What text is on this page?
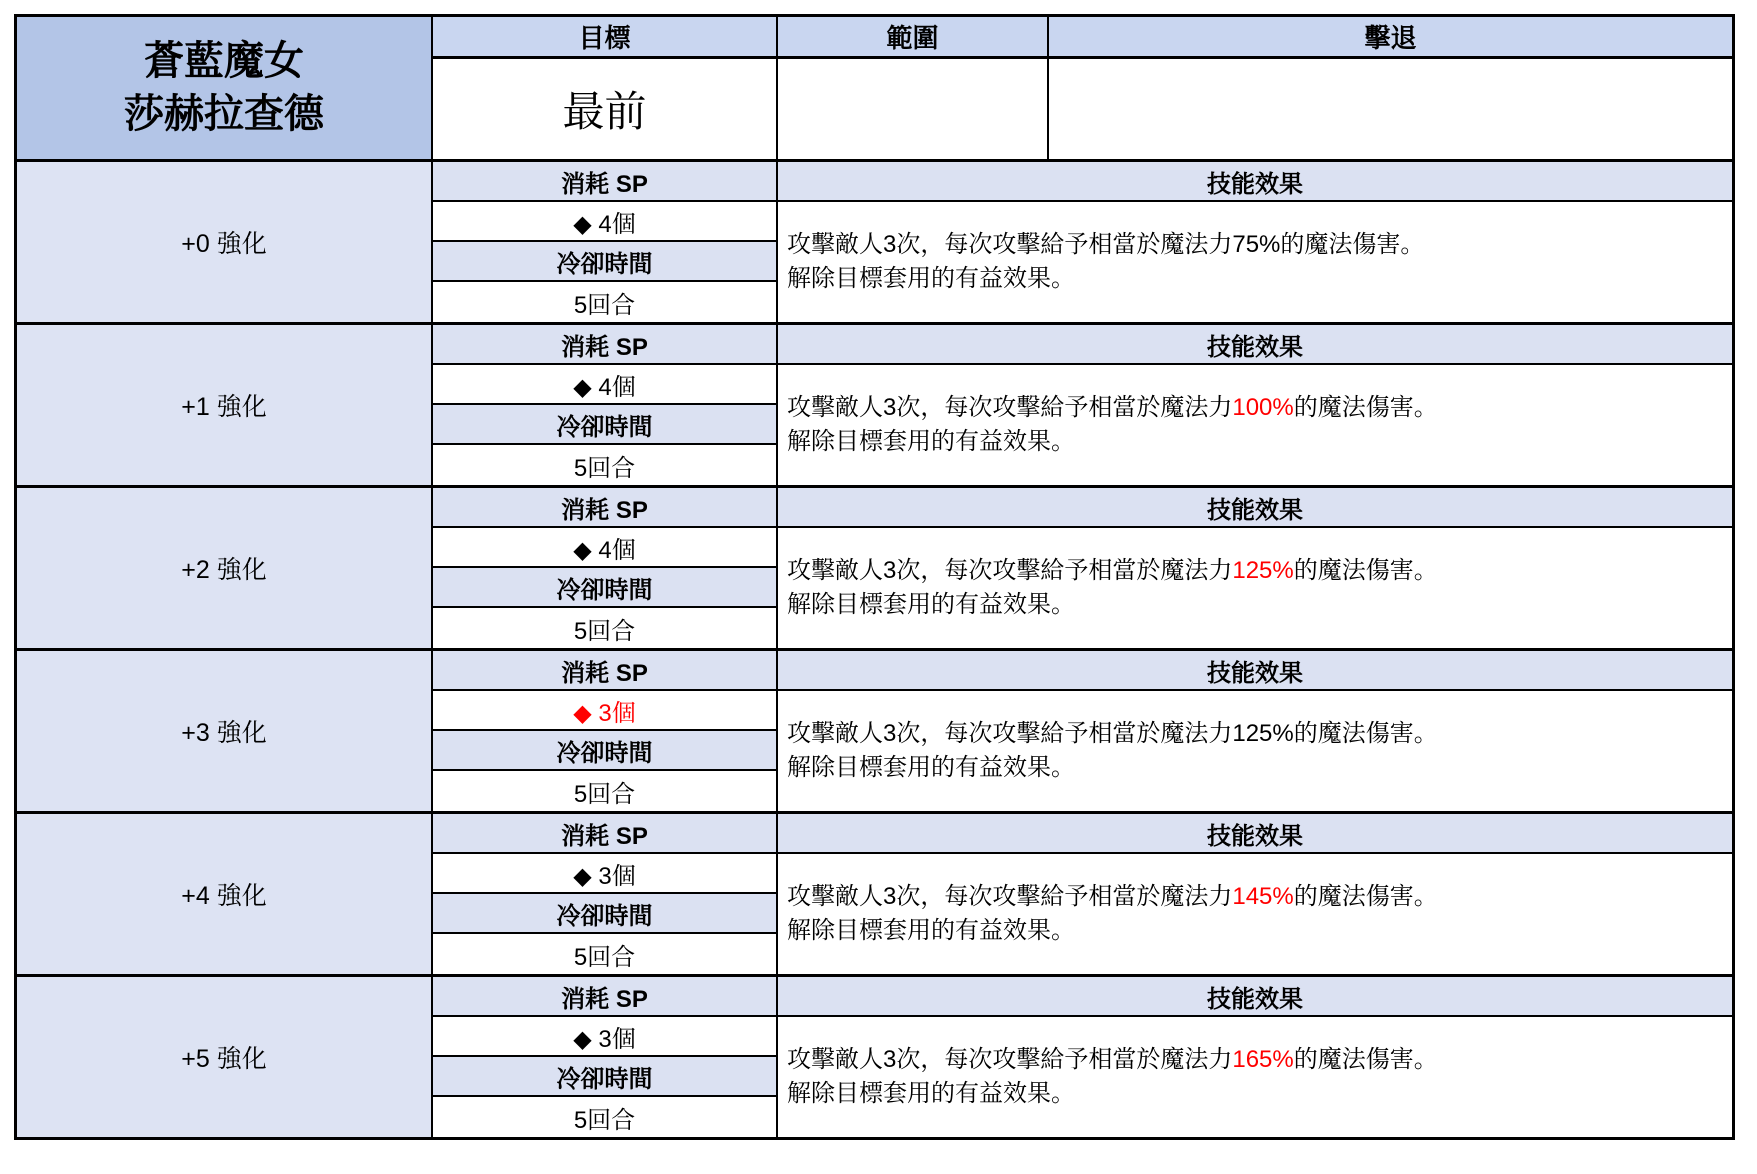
蒼藍魔女
莎赫拉查德
目標	範圍	擊退
最前
+0 強化
消耗 SP
◆ 4個
冷卻時間
5回合
技能效果
攻擊敵人3次，每次攻擊給予相當於魔法力75%的魔法傷害。
解除目標套用的有益效果。
+1 強化
消耗 SP
◆ 4個
冷卻時間
5回合
技能效果
攻擊敵人3次，每次攻擊給予相當於魔法力100%的魔法傷害。
解除目標套用的有益效果。
+2 強化
消耗 SP
◆ 4個
冷卻時間
5回合
技能效果
攻擊敵人3次，每次攻擊給予相當於魔法力125%的魔法傷害。
解除目標套用的有益效果。
+3 強化
消耗 SP
◆ 3個
冷卻時間
5回合
技能效果
攻擊敵人3次，每次攻擊給予相當於魔法力125%的魔法傷害。
解除目標套用的有益效果。
+4 強化
消耗 SP
◆ 3個
冷卻時間
5回合
技能效果
攻擊敵人3次，每次攻擊給予相當於魔法力145%的魔法傷害。
解除目標套用的有益效果。
+5 強化
消耗 SP
◆ 3個
冷卻時間
5回合
技能效果
攻擊敵人3次，每次攻擊給予相當於魔法力165%的魔法傷害。
解除目標套用的有益效果。
